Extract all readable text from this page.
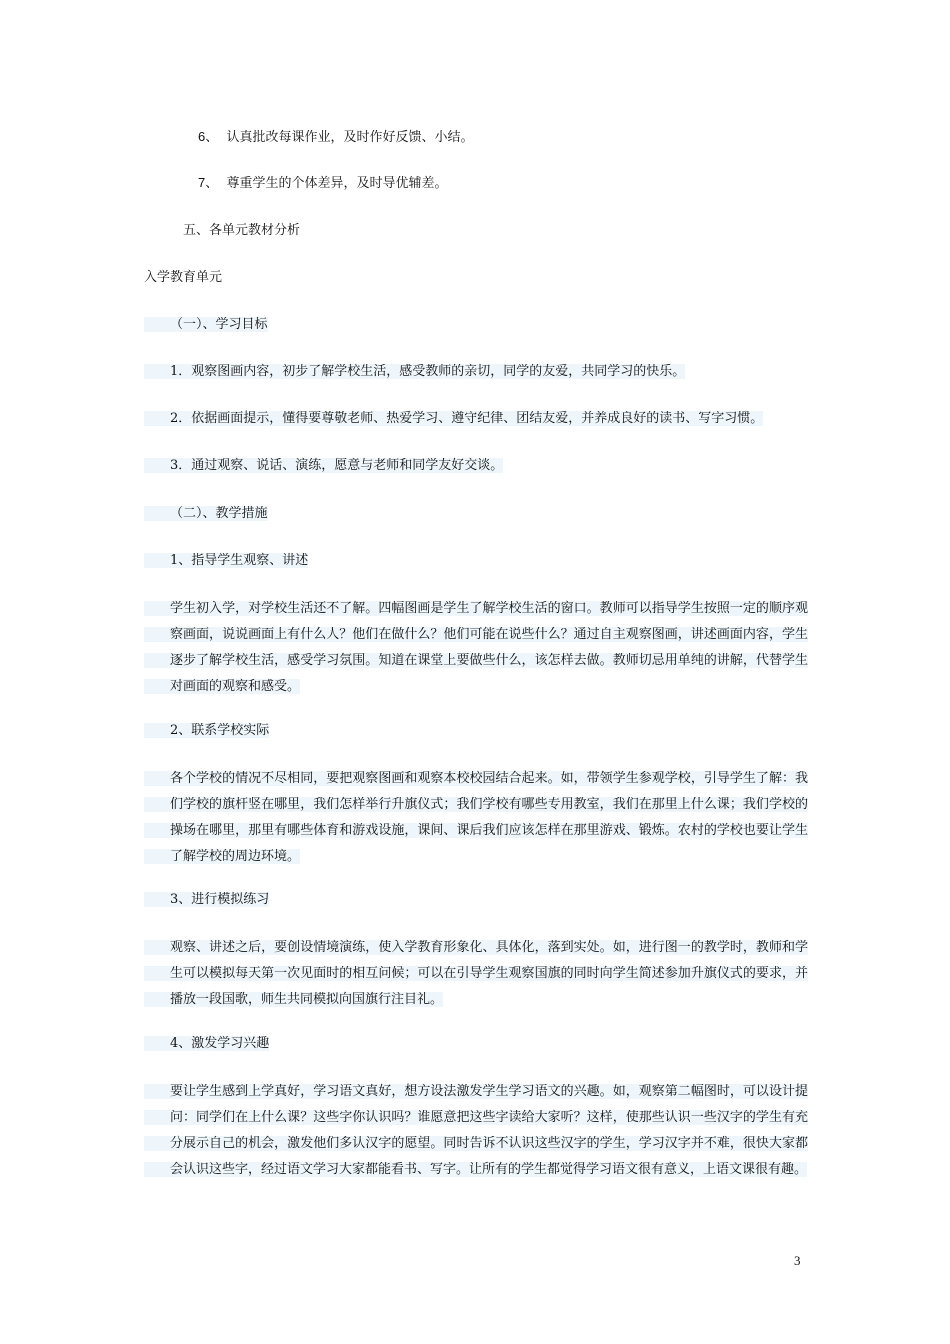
6、 认真批改每课作业，及时作好反馈、小结。
7、 尊重学生的个体差异，及时导优辅差。
五、各单元教材分析
入学教育单元
（一）、学习目标
1．观察图画内容，初步了解学校生活，感受教师的亲切，同学的友爱，共同学习的快乐。
2．依据画面提示，懂得要尊敬老师、热爱学习、遵守纪律、团结友爱，并养成良好的读书、写字习惯。
3．通过观察、说话、演练，愿意与老师和同学友好交谈。
（二）、教学措施
1、指导学生观察、讲述
学生初入学，对学校生活还不了解。四幅图画是学生了解学校生活的窗口。教师可以指导学生按照一定的顺序观察画面，说说画面上有什么人？他们在做什么？他们可能在说些什么？通过自主观察图画，讲述画面内容，学生逐步了解学校生活，感受学习氛围。知道在课堂上要做些什么，该怎样去做。教师切忌用单纯的讲解，代替学生对画面的观察和感受。
2、联系学校实际
各个学校的情况不尽相同，要把观察图画和观察本校校园结合起来。如，带领学生参观学校，引导学生了解：我们学校的旗杆竖在哪里，我们怎样举行升旗仪式；我们学校有哪些专用教室，我们在那里上什么课；我们学校的操场在哪里，那里有哪些体育和游戏设施，课间、课后我们应该怎样在那里游戏、锻炼。农村的学校也要让学生了解学校的周边环境。
3、进行模拟练习
观察、讲述之后，要创设情境演练，使入学教育形象化、具体化，落到实处。如，进行图一的教学时，教师和学生可以模拟每天第一次见面时的相互问候；可以在引导学生观察国旗的同时向学生简述参加升旗仪式的要求，并播放一段国歌，师生共同模拟向国旗行注目礼。
4、激发学习兴趣
要让学生感到上学真好，学习语文真好，想方设法激发学生学习语文的兴趣。如，观察第二幅图时，可以设计提问：同学们在上什么课？这些字你认识吗？谁愿意把这些字读给大家听？这样，使那些认识一些汉字的学生有充分展示自己的机会，激发他们多认汉字的愿望。同时告诉不认识这些汉字的学生，学习汉字并不难，很快大家都会认识这些字，经过语文学习大家都能看书、写字。让所有的学生都觉得学习语文很有意义，上语文课很有趣。
3
